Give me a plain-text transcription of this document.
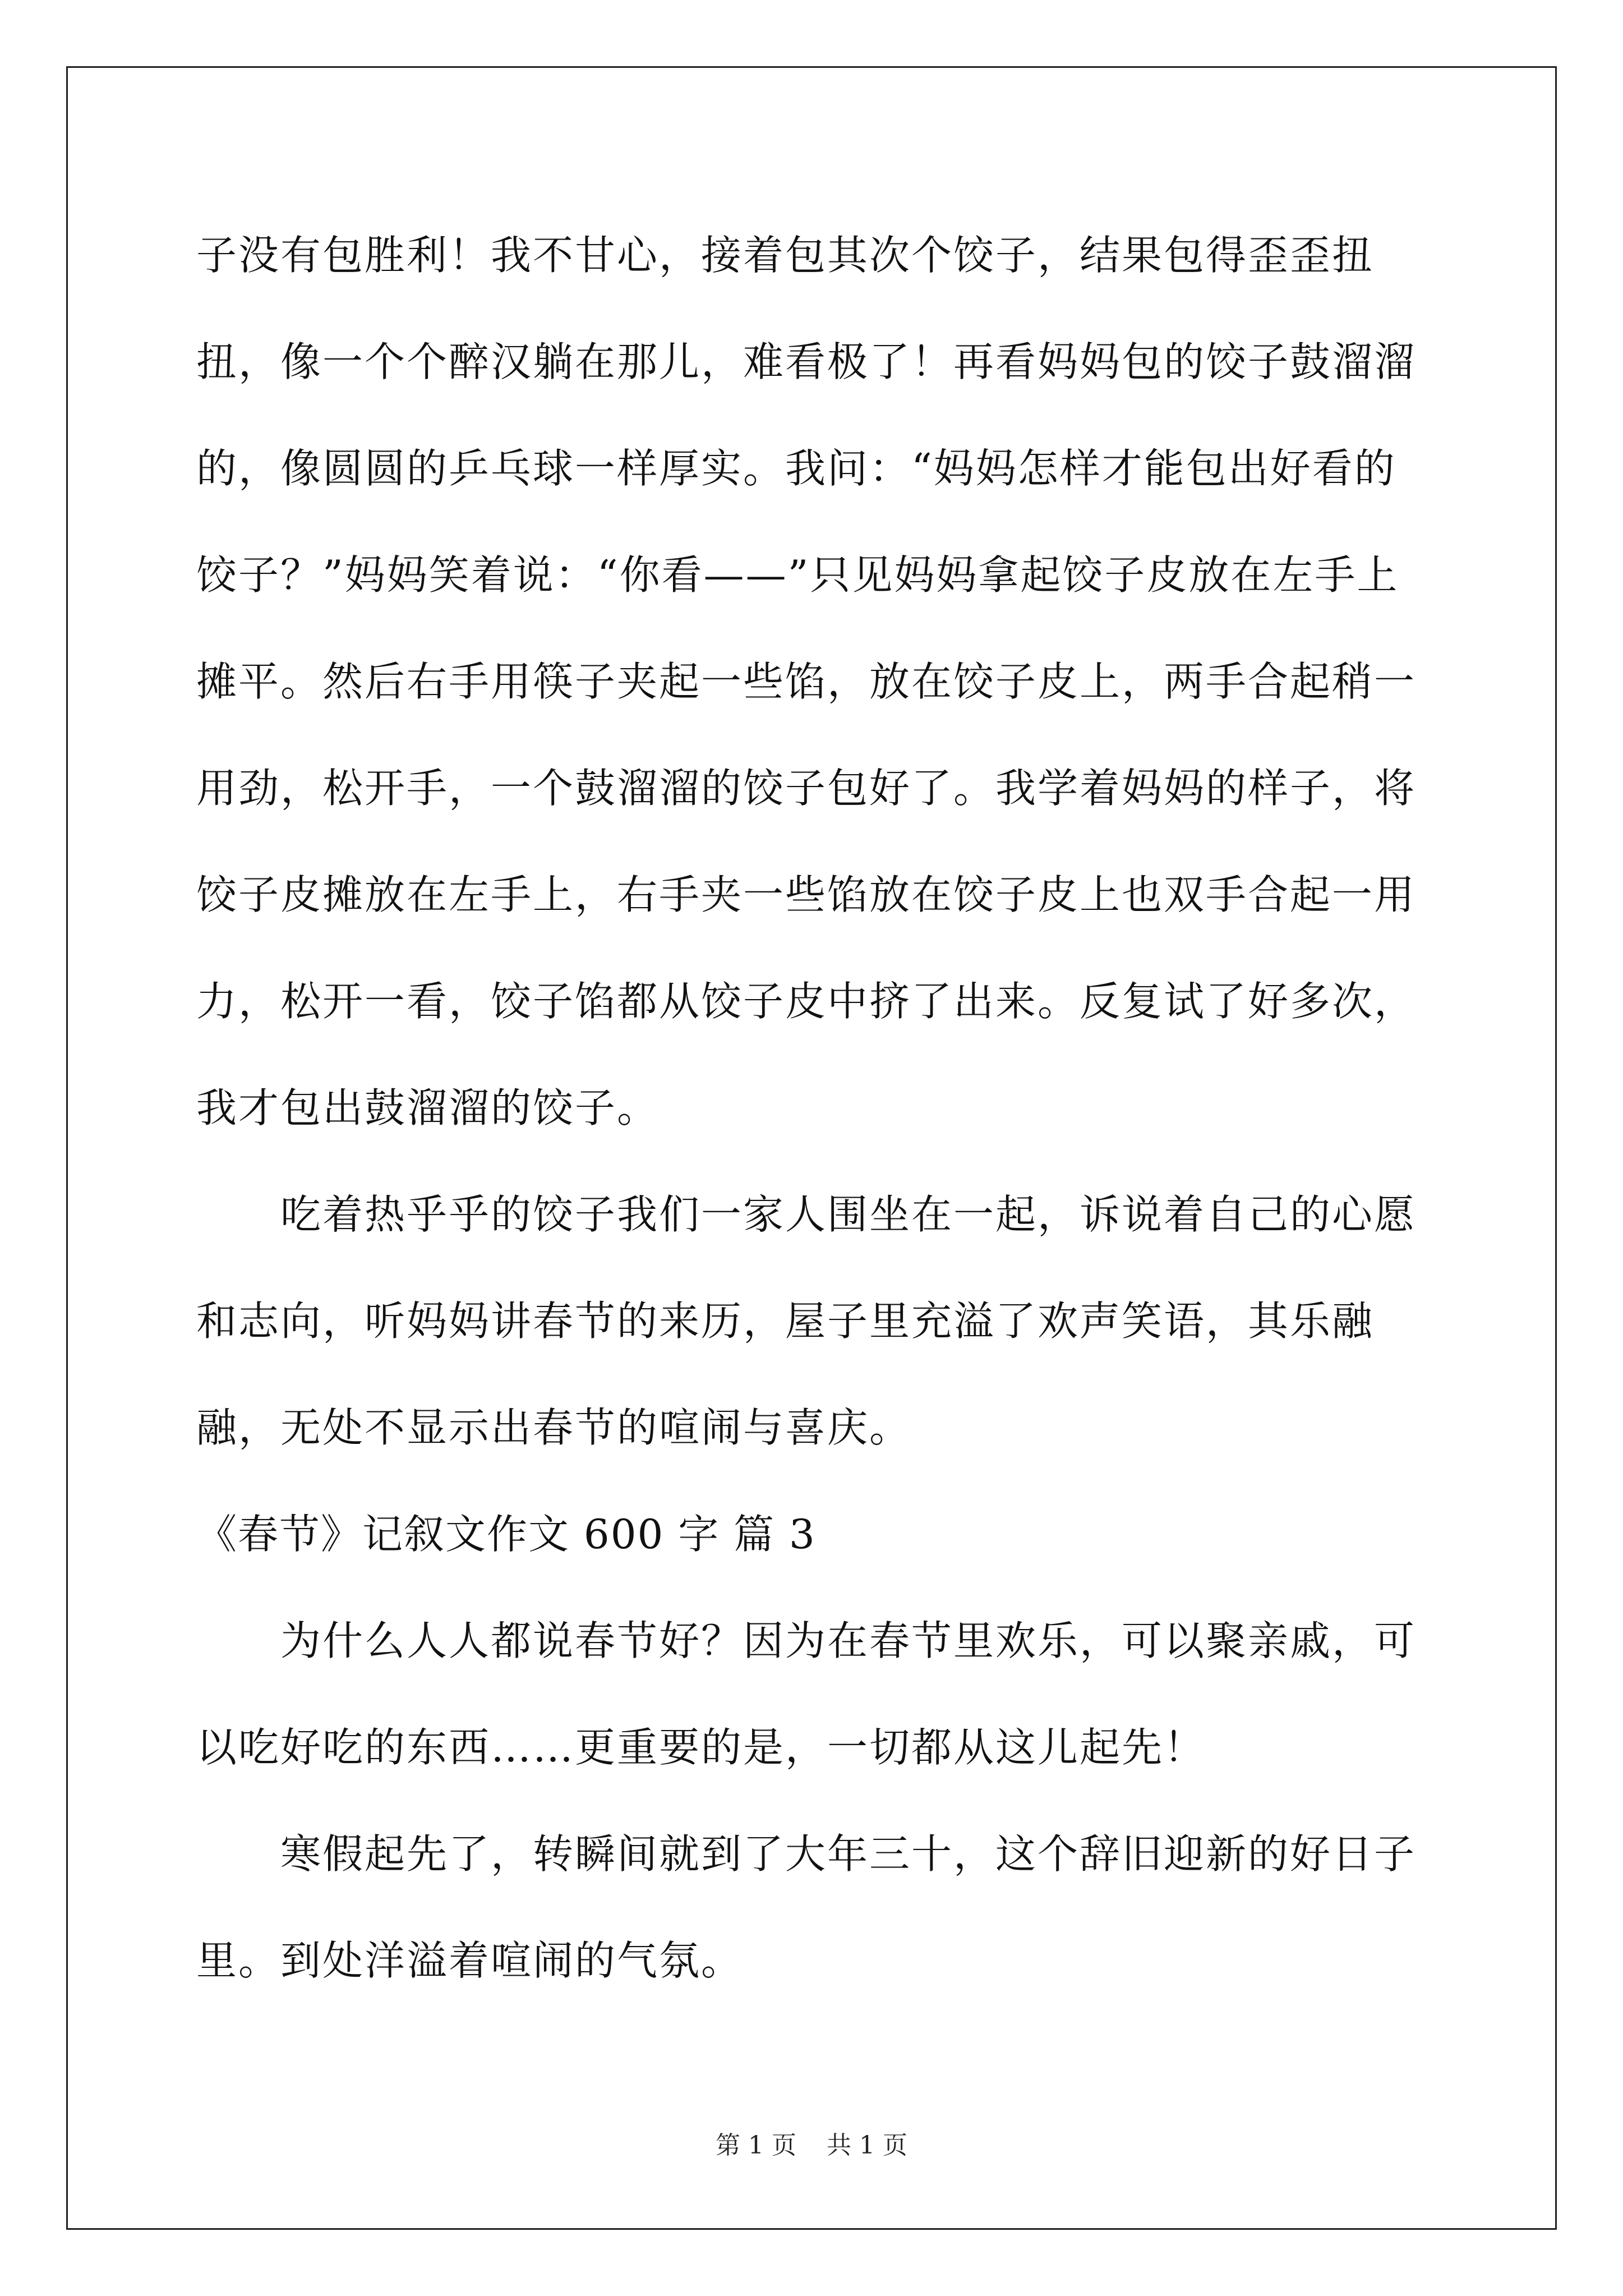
子没有包胜利！我不甘心，接着包其次个饺子，结果包得歪歪扭扭，像一个个醉汉躺在那儿，难看极了！再看妈妈包的饺子鼓溜溜的，像圆圆的乒乓球一样厚实。我问：“妈妈怎样才能包出好看的饺子？”妈妈笑着说：“你看——”只见妈妈拿起饺子皮放在左手上摊平。然后右手用筷子夹起一些馅，放在饺子皮上，两手合起稍一用劲，松开手，一个鼓溜溜的饺子包好了。我学着妈妈的样子，将饺子皮摊放在左手上，右手夹一些馅放在饺子皮上也双手合起一用力，松开一看，饺子馅都从饺子皮中挤了出来。反复试了好多次，我才包出鼓溜溜的饺子。

吃着热乎乎的饺子我们一家人围坐在一起，诉说着自己的心愿和志向，听妈妈讲春节的来历，屋子里充溢了欢声笑语，其乐融融，无处不显示出春节的喧闹与喜庆。

《春节》记叙文作文 600 字 篇 3

为什么人人都说春节好？因为在春节里欢乐，可以聚亲戚，可以吃好吃的东西……更重要的是，一切都从这儿起先！

寒假起先了，转瞬间就到了大年三十，这个辞旧迎新的好日子里。到处洋溢着喧闹的气氛。

第 1 页 共 1 页
